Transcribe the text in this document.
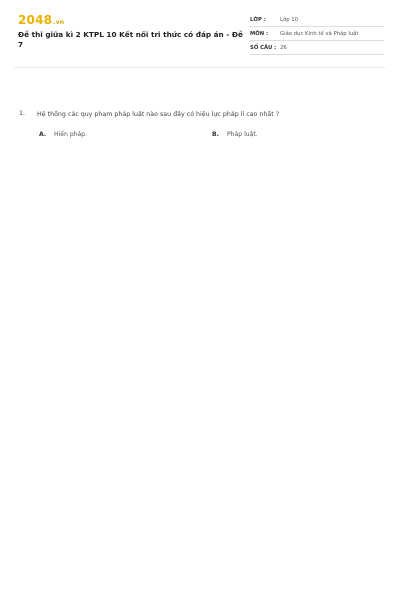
2048.vn
Đề thi giữa kì 2 KTPL 10 Kết nối tri thức có đáp án - Đề 7
LỚP :	Lớp 10
MÔN :	Giáo dục Kinh tế và Pháp luật
SỐ CÂU : 26
1. Hệ thống các quy phạm pháp luật nào sau đây có hiệu lực pháp lí cao nhất ?
A. Hiến pháp.	B. Pháp luật.
